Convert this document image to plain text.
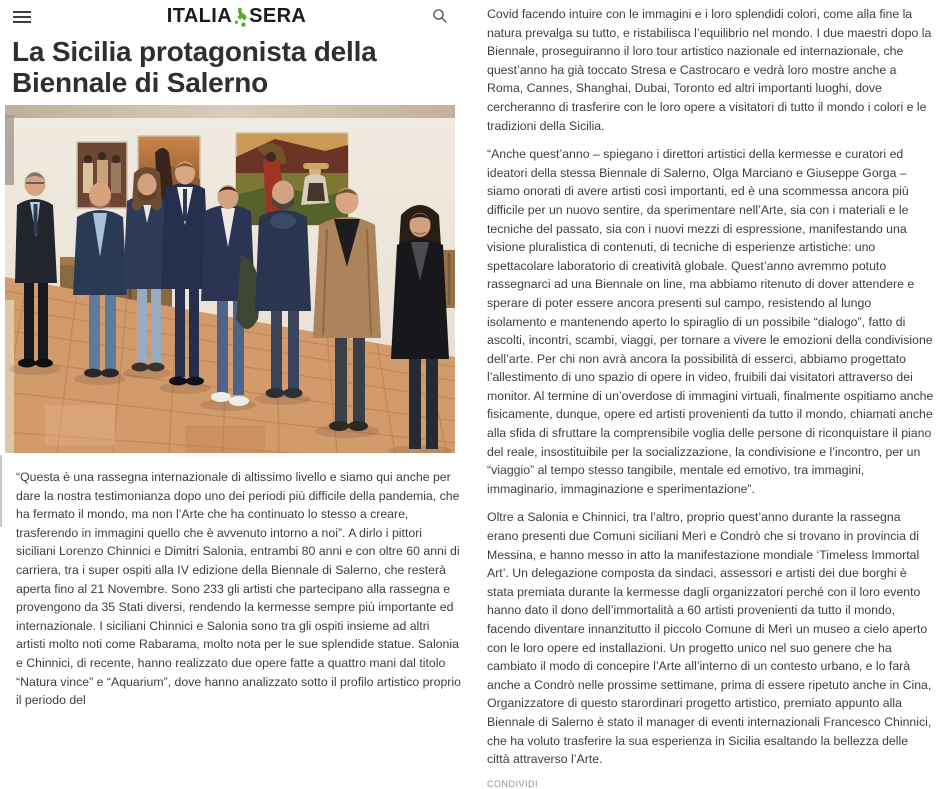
ITALIA SERA
La Sicilia protagonista della Biennale di Salerno

“Questa è una rassegna internazionale di altissimo livello e siamo qui anche per dare la nostra testimonianza dopo uno dei periodi più difficile della pandemia, che ha fermato il mondo, ma non l’Arte che ha continuato lo stesso a creare, trasferendo in immagini quello che è avvenuto intorno a noi”. A dirlo i pittori siciliani Lorenzo Chinnici e Dimitri Salonia, entrambi 80 anni e con oltre 60 anni di carriera, tra i super ospiti alla IV edizione della Biennale di Salerno, che resterà aperta fino al 21 Novembre. Sono 233 gli artisti che partecipano alla rassegna e provengono da 35 Stati diversi, rendendo la kermesse sempre più importante ed internazionale. I siciliani Chinnici e Salonia sono tra gli ospiti insieme ad altri artisti molto noti come Rabarama, molto nota per le sue splendide statue. Salonia e Chinnici, di recente, hanno realizzato due opere fatte a quattro mani dal titolo “Natura vince” e “Aquarium”, dove hanno analizzato sotto il profilo artistico proprio il periodo del

Covid facendo intuire con le immagini e i loro splendidi colori, come alla fine la natura prevalga su tutto, e ristabilisca l’equilibrio nel mondo. I due maestri dopo la Biennale, proseguiranno il loro tour artistico nazionale ed internazionale, che quest’anno ha già toccato Stresa e Castrocaro e vedrà loro mostre anche a Roma, Cannes, Shanghai, Dubai, Toronto ed altri importanti luoghi, dove cercheranno di trasferire con le loro opere a visitatori di tutto il mondo i colori e le tradizioni della Sicilia.

“Anche quest’anno – spiegano i direttori artistici della kermesse e curatori ed ideatori della stessa Biennale di Salerno, Olga Marciano e Giuseppe Gorga – siamo onorati di avere artisti così importanti, ed è una scommessa ancora più difficile per un nuovo sentire, da sperimentare nell’Arte, sia con i materiali e le tecniche del passato, sia con i nuovi mezzi di espressione, manifestando una visione pluralistica di contenuti, di tecniche di esperienze artistiche: uno spettacolare laboratorio di creatività globale. Quest’anno avremmo potuto rassegnarci ad una Biennale on line, ma abbiamo ritenuto di dover attendere e sperare di poter essere ancora presenti sul campo, resistendo al lungo isolamento e mantenendo aperto lo spiraglio di un possibile “dialogo”, fatto di ascolti, incontri, scambi, viaggi, per tornare a vivere le emozioni della condivisione dell’arte. Per chi non avrà ancora la possibilità di esserci, abbiamo progettato l’allestimento di uno spazio di opere in video, fruibili dai visitatori attraverso dei monitor. Al termine di un’overdose di immagini virtuali, finalmente ospitiamo anche fisicamente, dunque, opere ed artisti provenienti da tutto il mondo, chiamati anche alla sfida di sfruttare la comprensibile voglia delle persone di riconquistare il piano del reale, insostituibile per la socializzazione, la condivisione e l’incontro, per un “viaggio” al tempo stesso tangibile, mentale ed emotivo, tra immagini, immaginario, immaginazione e sperimentazione”.

Oltre a Salonia e Chinnici, tra l’altro, proprio quest’anno durante la rassegna erano presenti due Comuni siciliani Merì e Condrò che si trovano in provincia di Messina, e hanno messo in atto la manifestazione mondiale ‘Timeless Immortal Art’. Un delegazione composta da sindaci, assessori e artisti dei due borghi è stata premiata durante la kermesse dagli organizzatori perché con il loro evento hanno dato il dono dell’immortalità a 60 artisti provenienti da tutto il mondo, facendo diventare innanzitutto il piccolo Comune di Merì un museo a cielo aperto con le loro opere ed installazioni. Un progetto unico nel suo genere che ha cambiato il modo di concepire l’Arte all’interno di un contesto urbano, e lo farà anche a Condrò nelle prossime settimane, prima di essere ripetuto anche in Cina, Organizzatore di questo starordinari progetto artistico, premiato appunto alla Biennale di Salerno è stato il manager di eventi internazionali Francesco Chinnici, che ha voluto trasferire la sua esperienza in Sicilia esaltando la bellezza delle città attraverso l’Arte.

CONDIVIDI
